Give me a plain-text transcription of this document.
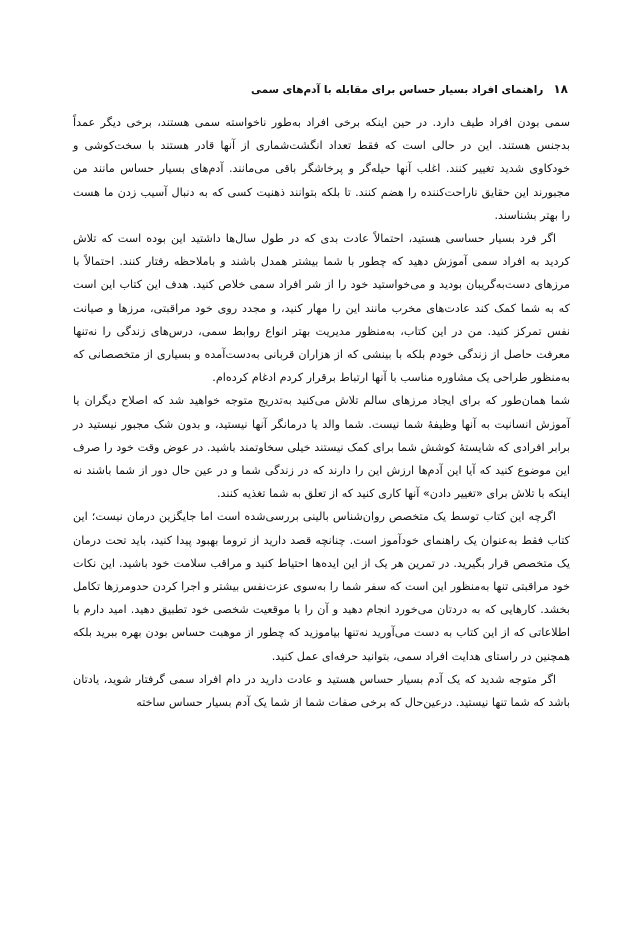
۱۸
راهنمای افراد بسیار حساس برای مقابله با آدم‌های سمی

سمی بودن افراد طیف دارد. در حین اینکه برخی افراد به‌طور ناخواسته سمی هستند، برخی دیگر عمداً بدجنس هستند. این در حالی است که فقط تعداد انگشت‌شماری از آنها قادر هستند با سخت‌کوشی و خودکاوی شدید تغییر کنند. اغلب آنها حیله‌گر و پرخاشگر باقی می‌مانند. آدم‌های بسیار حساس مانند من مجبورند این حقایق ناراحت‌کننده را هضم کنند. تا بلکه بتوانند ذهنیت کسی که به دنبال آسیب زدن ما هست را بهتر بشناسند.

اگر فرد بسیار حساسی هستید، احتمالاً عادت بدی که در طول سال‌ها داشتید این بوده است که تلاش کردید به افراد سمی آموزش دهید که چطور با شما بیشتر همدل باشند و باملاحظه رفتار کنند. احتمالاً با مرزهای دست‌به‌گریبان بودید و می‌خواستید خود را از شر افراد سمی خلاص کنید. هدف این کتاب این است که به شما کمک کند عادت‌های مخرب مانند این را مهار کنید، و مجدد روی خود مراقبتی، مرزها و صیانت نفس تمرکز کنید. من در این کتاب، به‌منظور مدیریت بهتر انواع روابط سمی، درس‌های زندگی را نه‌تنها معرفت حاصل از زندگی خودم بلکه با بینشی که از هزاران قربانی به‌دست‌آمده و بسیاری از متخصصانی که به‌منظور طراحی یک مشاوره مناسب با آنها ارتباط برقرار کردم ادغام کرده‌ام.

شما همان‌طور که برای ایجاد مرزهای سالم تلاش می‌کنید به‌تدریج متوجه خواهید شد که اصلاح دیگران یا آموزش انسانیت به آنها وظیفهٔ شما نیست. شما والد یا درمانگر آنها نیستید، و بدون شک مجبور نیستید در برابر افرادی که شایستهٔ کوشش شما برای کمک نیستند خیلی سخاوتمند باشید. در عوض وقت خود را صرف این موضوع کنید که آیا این آدم‌ها ارزش این را دارند که در زندگی شما و در عین حال دور از شما باشند نه اینکه با تلاش برای «تغییر دادن» آنها کاری کنید که از تعلق به شما تغذیه کنند.

اگرچه این کتاب توسط یک متخصص روان‌شناس بالینی بررسی‌شده است اما جایگزین درمان نیست؛ این کتاب فقط به‌عنوان یک راهنمای خودآموز است. چنانچه قصد دارید از تروما بهبود پیدا کنید، باید تحت درمان یک متخصص قرار بگیرید. در تمرین هر یک از این ایده‌ها احتیاط کنید و مراقب سلامت خود باشید. این نکات خود مراقبتی تنها به‌منظور این است که سفر شما را به‌سوی عزت‌نفس بیشتر و اجرا کردن حدومرزها تکامل بخشد. کارهایی که به دردتان می‌خورد انجام دهید و آن را با موقعیت شخصی خود تطبیق دهید. امید دارم با اطلاعاتی که از این کتاب به دست می‌آورید نه‌تنها بیاموزید که چطور از موهبت حساس بودن بهره ببرید بلکه همچنین در راستای هدایت افراد سمی، بتوانید حرفه‌ای عمل کنید.

اگر متوجه شدید که یک آدم بسیار حساس هستید و عادت دارید در دام افراد سمی گرفتار شوید، یادتان باشد که شما تنها نیستید. درعین‌حال که برخی صفات شما از شما یک آدم بسیار حساس ساخته
